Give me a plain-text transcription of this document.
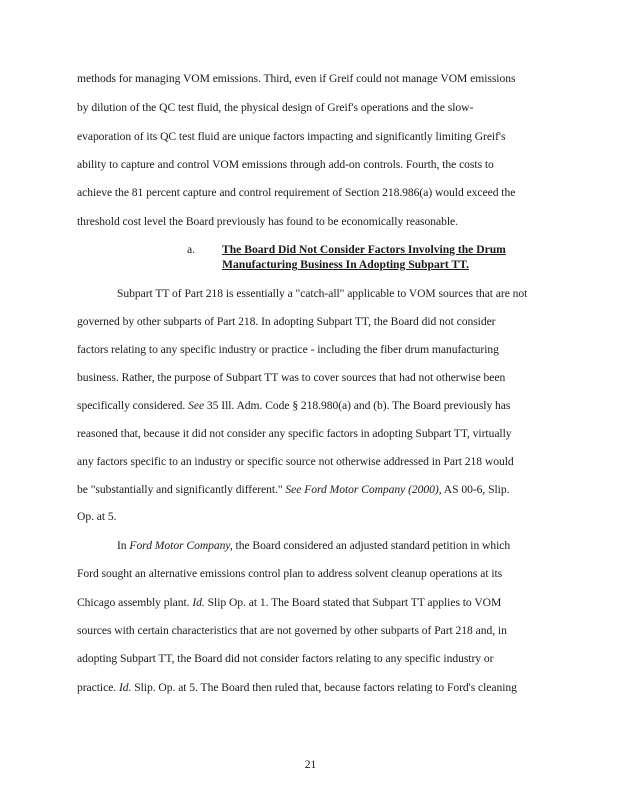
methods for managing VOM emissions. Third, even if Greif could not manage VOM emissions
by dilution of the QC test fluid, the physical design of Greif's operations and the slow-
evaporation of its QC test fluid are unique factors impacting and significantly limiting Greif's
ability to capture and control VOM emissions through add-on controls. Fourth, the costs to
achieve the 81 percent capture and control requirement of Section 218.986(a) would exceed the
threshold cost level the Board previously has found to be economically reasonable.
a. The Board Did Not Consider Factors Involving the Drum
Manufacturing Business In Adopting Subpart TT.
Subpart TT of Part 218 is essentially a "catch-all" applicable to VOM sources that are not
governed by other subparts of Part 218. In adopting Subpart TT, the Board did not consider
factors relating to any specific industry or practice - including the fiber drum manufacturing
business. Rather, the purpose of Subpart TT was to cover sources that had not otherwise been
specifically considered. See 35 Ill. Adm. Code § 218.980(a) and (b). The Board previously has
reasoned that, because it did not consider any specific factors in adopting Subpart TT, virtually
any factors specific to an industry or specific source not otherwise addressed in Part 218 would
be "substantially and significantly different." See Ford Motor Company (2000), AS 00-6, Slip.
Op. at 5.
In Ford Motor Company, the Board considered an adjusted standard petition in which
Ford sought an alternative emissions control plan to address solvent cleanup operations at its
Chicago assembly plant. Id. Slip Op. at 1. The Board stated that Subpart TT applies to VOM
sources with certain characteristics that are not governed by other subparts of Part 218 and, in
adopting Subpart TT, the Board did not consider factors relating to any specific industry or
practice. Id. Slip. Op. at 5. The Board then ruled that, because factors relating to Ford's cleaning
21
